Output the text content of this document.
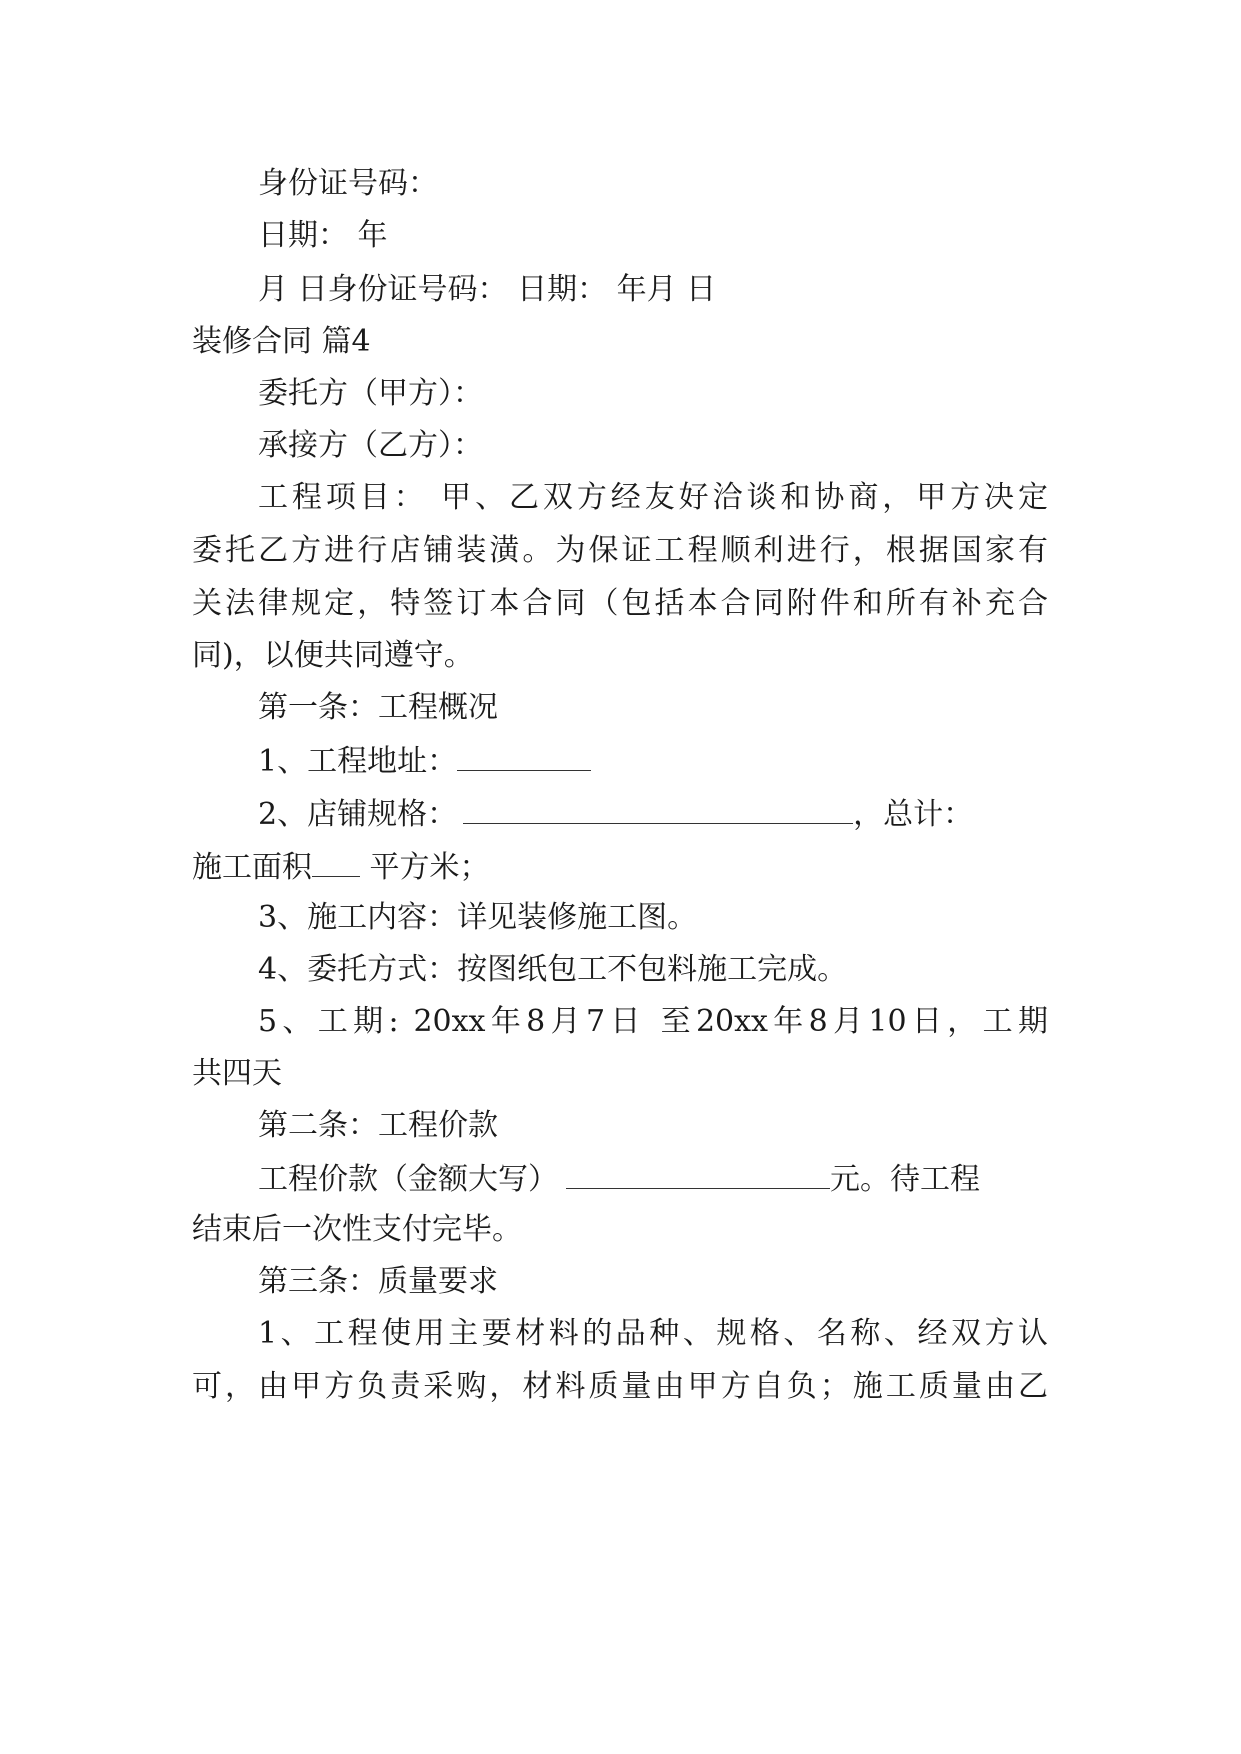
身份证号码：
日期： 年
月 日身份证号码： 日期： 年月 日
装修合同 篇4
委托方（甲方）：
承接方（乙方）：
工程项目： 甲、乙双方经友好洽谈和协商，甲方决定
委托乙方进行店铺装潢。为保证工程顺利进行，根据国家有
关法律规定，特签订本合同（包括本合同附件和所有补充合
同)，以便共同遵守。
第一条：工程概况
1、工程地址：
2、店铺规格：	，总计：
施工面积 平方米；
3、施工内容：详见装修施工图。
4、委托方式：按图纸包工不包料施工完成。
5、工期: 20xx年8月7日 至20xx年8月10日，工期
共四天
第二条：工程价款
工程价款（金额大写）	元。待工程
结束后一次性支付完毕。
第三条：质量要求
1、工程使用主要材料的品种、规格、名称、经双方认
可，由甲方负责采购，材料质量由甲方自负；施工质量由乙
